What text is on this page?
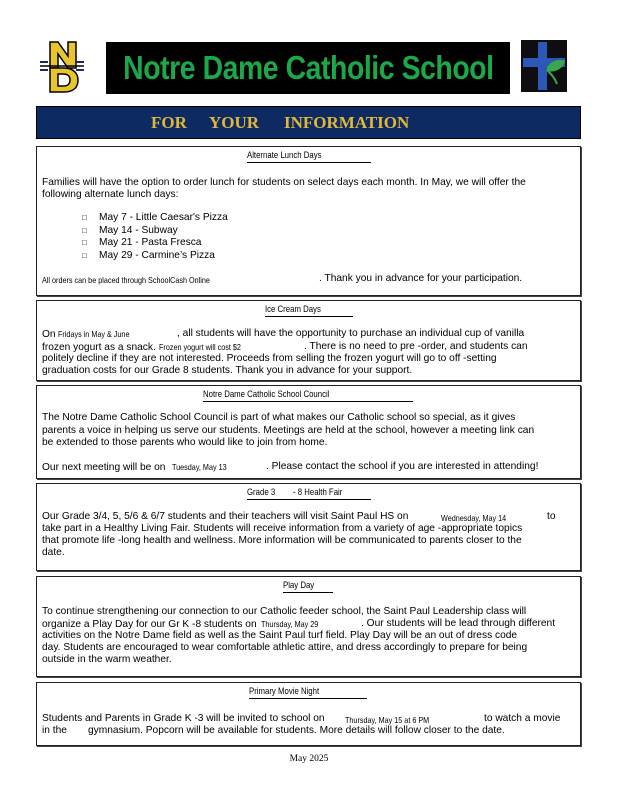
Notre Dame Catholic School
FOR YOUR INFORMATION
Alternate Lunch Days
Families will have the option to order lunch for students on select days each month. In May, we will offer the
following alternate lunch days:
□	May 7 - Little Caesar's Pizza
□	May 14 - Subway
□	May 21 - Pasta Fresca
□	May 29 - Carmine’s Pizza
All orders can be placed through SchoolCash Online	. Thank you in advance for your participation.
Ice Cream Days
On Fridays in May & June	, all students will have the opportunity to purchase an individual cup of vanilla
frozen yogurt as a snack. Frozen yogurt will cost $2	. There is no need to pre -order, and students can
politely decline if they are not interested. Proceeds from selling the frozen yogurt will go to off -setting
graduation costs for our Grade 8 students. Thank you in advance for your support.
Notre Dame Catholic School Council
The Notre Dame Catholic School Council is part of what makes our Catholic school so special, as it gives
parents a voice in helping us serve our students. Meetings are held at the school, however a meeting link can
be extended to those parents who would like to join from home.
Our next meeting will be on Tuesday, May 13	. Please contact the school if you are interested in attending!
Grade 3 - 8 Health Fair
Our Grade 3/4, 5, 5/6 & 6/7 students and their teachers will visit Saint Paul HS on	Wednesday, May 14	to
take part in a Healthy Living Fair. Students will receive information from a variety of age -appropriate topics
that promote life -long health and wellness. More information will be communicated to parents closer to the
date.
Play Day
To continue strengthening our connection to our Catholic feeder school, the Saint Paul Leadership class will
organize a Play Day for our Gr K -8 students on Thursday, May 29	. Our students will be lead through different
activities on the Notre Dame field as well as the Saint Paul turf field. Play Day will be an out of dress code
day. Students are encouraged to wear comfortable athletic attire, and dress accordingly to prepare for being
outside in the warm weather.
Primary Movie Night
Students and Parents in Grade K -3 will be invited to school on	Thursday, May 15 at 6 PM	to watch a movie
in the	gymnasium. Popcorn will be available for students. More details will follow closer to the date.
May 2025
